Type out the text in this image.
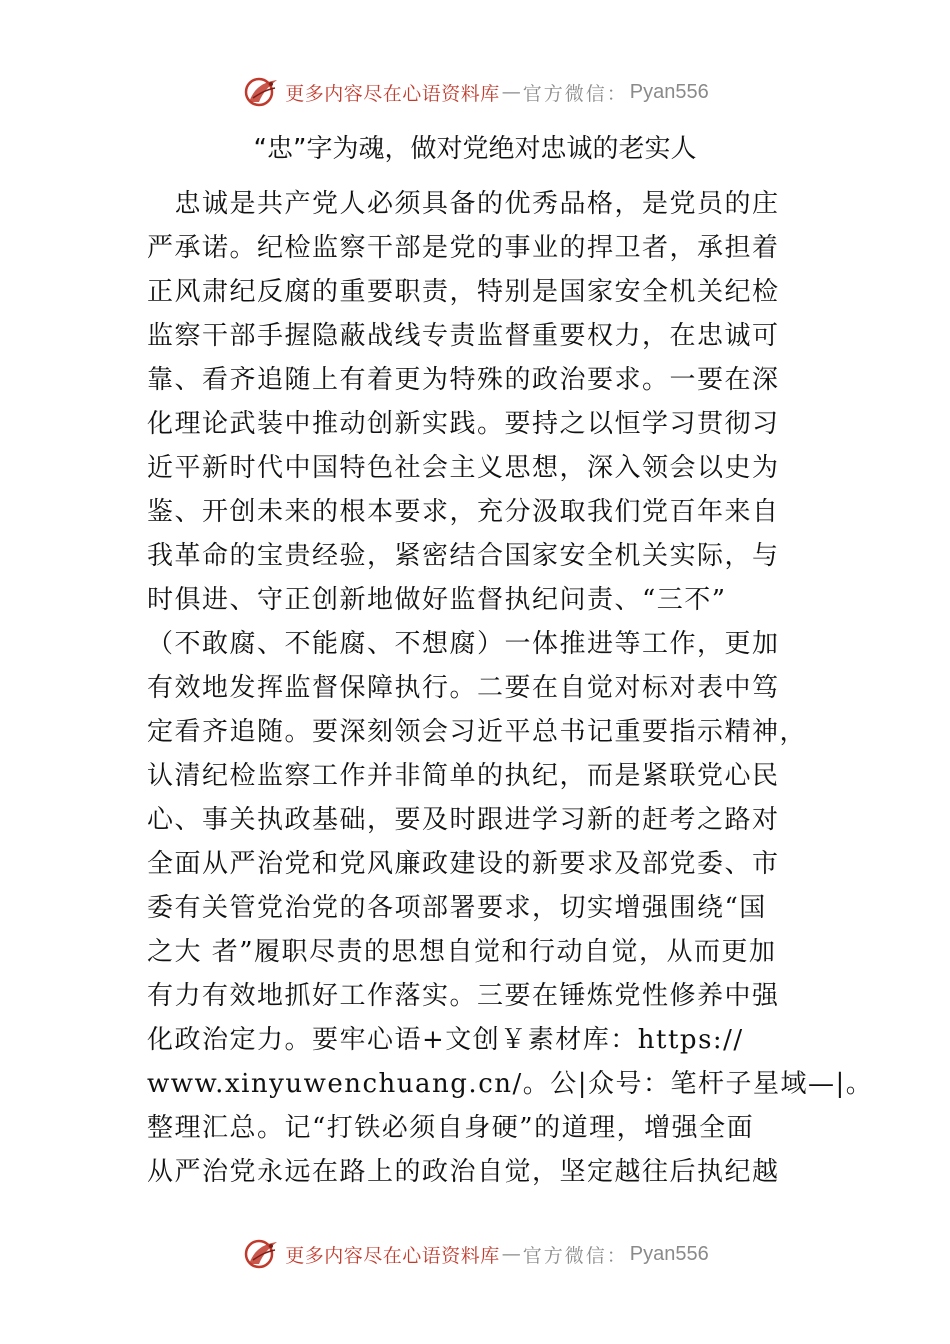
更多内容尽在心语资料库 — 官方微信： Pyan556
“忠”字为魂，做对党绝对忠诚的老实人
　忠诚是共产党人必须具备的优秀品格，是党员的庄
严承诺。纪检监察干部是党的事业的捍卫者，承担着
正风肃纪反腐的重要职责，特别是国家安全机关纪检
监察干部手握隐蔽战线专责监督重要权力，在忠诚可
靠、看齐追随上有着更为特殊的政治要求。一要在深
化理论武装中推动创新实践。要持之以恒学习贯彻习
近平新时代中国特色社会主义思想，深入领会以史为
鉴、开创未来的根本要求，充分汲取我们党百年来自
我革命的宝贵经验，紧密结合国家安全机关实际，与
时俱进、守正创新地做好监督执纪问责、“三不”
（不敢腐、不能腐、不想腐）一体推进等工作，更加
有效地发挥监督保障执行。二要在自觉对标对表中笃
定看齐追随。要深刻领会习近平总书记重要指示精神，
认清纪检监察工作并非简单的执纪，而是紧联党心民
心、事关执政基础，要及时跟进学习新的赶考之路对
全面从严治党和党风廉政建设的新要求及部党委、市
委有关管党治党的各项部署要求，切实增强围绕“国
之大 者”履职尽责的思想自觉和行动自觉，从而更加
有力有效地抓好工作落实。三要在锤炼党性修养中强
化政治定力。要牢心语+文创￥素材库：https://
www.xinyuwenchuang.cn/。公|众号：笔杆子星域—|。
整理汇总。记“打铁必须自身硬”的道理，增强全面
从严治党永远在路上的政治自觉，坚定越往后执纪越
更多内容尽在心语资料库 — 官方微信： Pyan556
